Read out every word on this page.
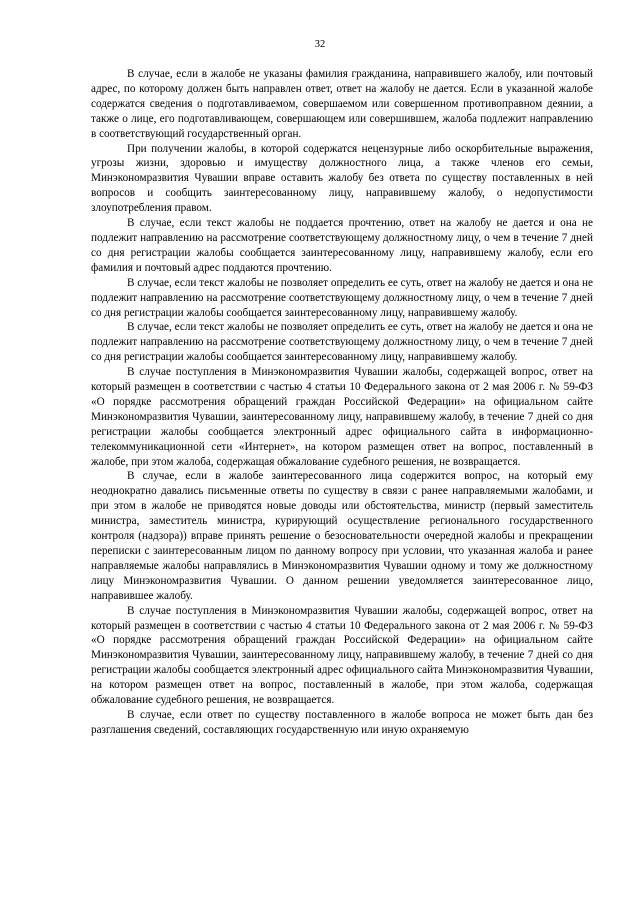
32

В случае, если в жалобе не указаны фамилия гражданина, направившего жалобу, или почтовый адрес, по которому должен быть направлен ответ, ответ на жалобу не дается. Если в указанной жалобе содержатся сведения о подготавливаемом, совершаемом или совершенном противоправном деянии, а также о лице, его подготавливающем, совершающем или совершившем, жалоба подлежит направлению в соответствующий государственный орган.

При получении жалобы, в которой содержатся нецензурные либо оскорбительные выражения, угрозы жизни, здоровью и имуществу должностного лица, а также членов его семьи, Минэкономразвития Чувашии вправе оставить жалобу без ответа по существу поставленных в ней вопросов и сообщить заинтересованному лицу, направившему жалобу, о недопустимости злоупотребления правом.

В случае, если текст жалобы не поддается прочтению, ответ на жалобу не дается и она не подлежит направлению на рассмотрение соответствующему должностному лицу, о чем в течение 7 дней со дня регистрации жалобы сообщается заинтересованному лицу, направившему жалобу, если его фамилия и почтовый адрес поддаются прочтению.

В случае, если текст жалобы не позволяет определить ее суть, ответ на жалобу не дается и она не подлежит направлению на рассмотрение соответствующему должностному лицу, о чем в течение 7 дней со дня регистрации жалобы сообщается заинтересованному лицу, направившему жалобу.

В случае, если текст жалобы не позволяет определить ее суть, ответ на жалобу не дается и она не подлежит направлению на рассмотрение соответствующему должностному лицу, о чем в течение 7 дней со дня регистрации жалобы сообщается заинтересованному лицу, направившему жалобу.

В случае поступления в Минэкономразвития Чувашии жалобы, содержащей вопрос, ответ на который размещен в соответствии с частью 4 статьи 10 Федерального закона от 2 мая 2006 г. № 59-ФЗ «О порядке рассмотрения обращений граждан Российской Федерации» на официальном сайте Минэкономразвития Чувашии, заинтересованному лицу, направившему жалобу, в течение 7 дней со дня регистрации жалобы сообщается электронный адрес официального сайта в информационно-телекоммуникационной сети «Интернет», на котором размещен ответ на вопрос, поставленный в жалобе, при этом жалоба, содержащая обжалование судебного решения, не возвращается.

В случае, если в жалобе заинтересованного лица содержится вопрос, на который ему неоднократно давались письменные ответы по существу в связи с ранее направляемыми жалобами, и при этом в жалобе не приводятся новые доводы или обстоятельства, министр (первый заместитель министра, заместитель министра, курирующий осуществление регионального государственного контроля (надзора)) вправе принять решение о безосновательности очередной жалобы и прекращении переписки с заинтересованным лицом по данному вопросу при условии, что указанная жалоба и ранее направляемые жалобы направлялись в Минэкономразвития Чувашии одному и тому же должностному лицу Минэкономразвития Чувашии. О данном решении уведомляется заинтересованное лицо, направившее жалобу.

В случае поступления в Минэкономразвития Чувашии жалобы, содержащей вопрос, ответ на который размещен в соответствии с частью 4 статьи 10 Федерального закона от 2 мая 2006 г. № 59-ФЗ «О порядке рассмотрения обращений граждан Российской Федерации» на официальном сайте Минэкономразвития Чувашии, заинтересованному лицу, направившему жалобу, в течение 7 дней со дня регистрации жалобы сообщается электронный адрес официального сайта Минэкономразвития Чувашии, на котором размещен ответ на вопрос, поставленный в жалобе, при этом жалоба, содержащая обжалование судебного решения, не возвращается.

В случае, если ответ по существу поставленного в жалобе вопроса не может быть дан без разглашения сведений, составляющих государственную или иную охраняемую
